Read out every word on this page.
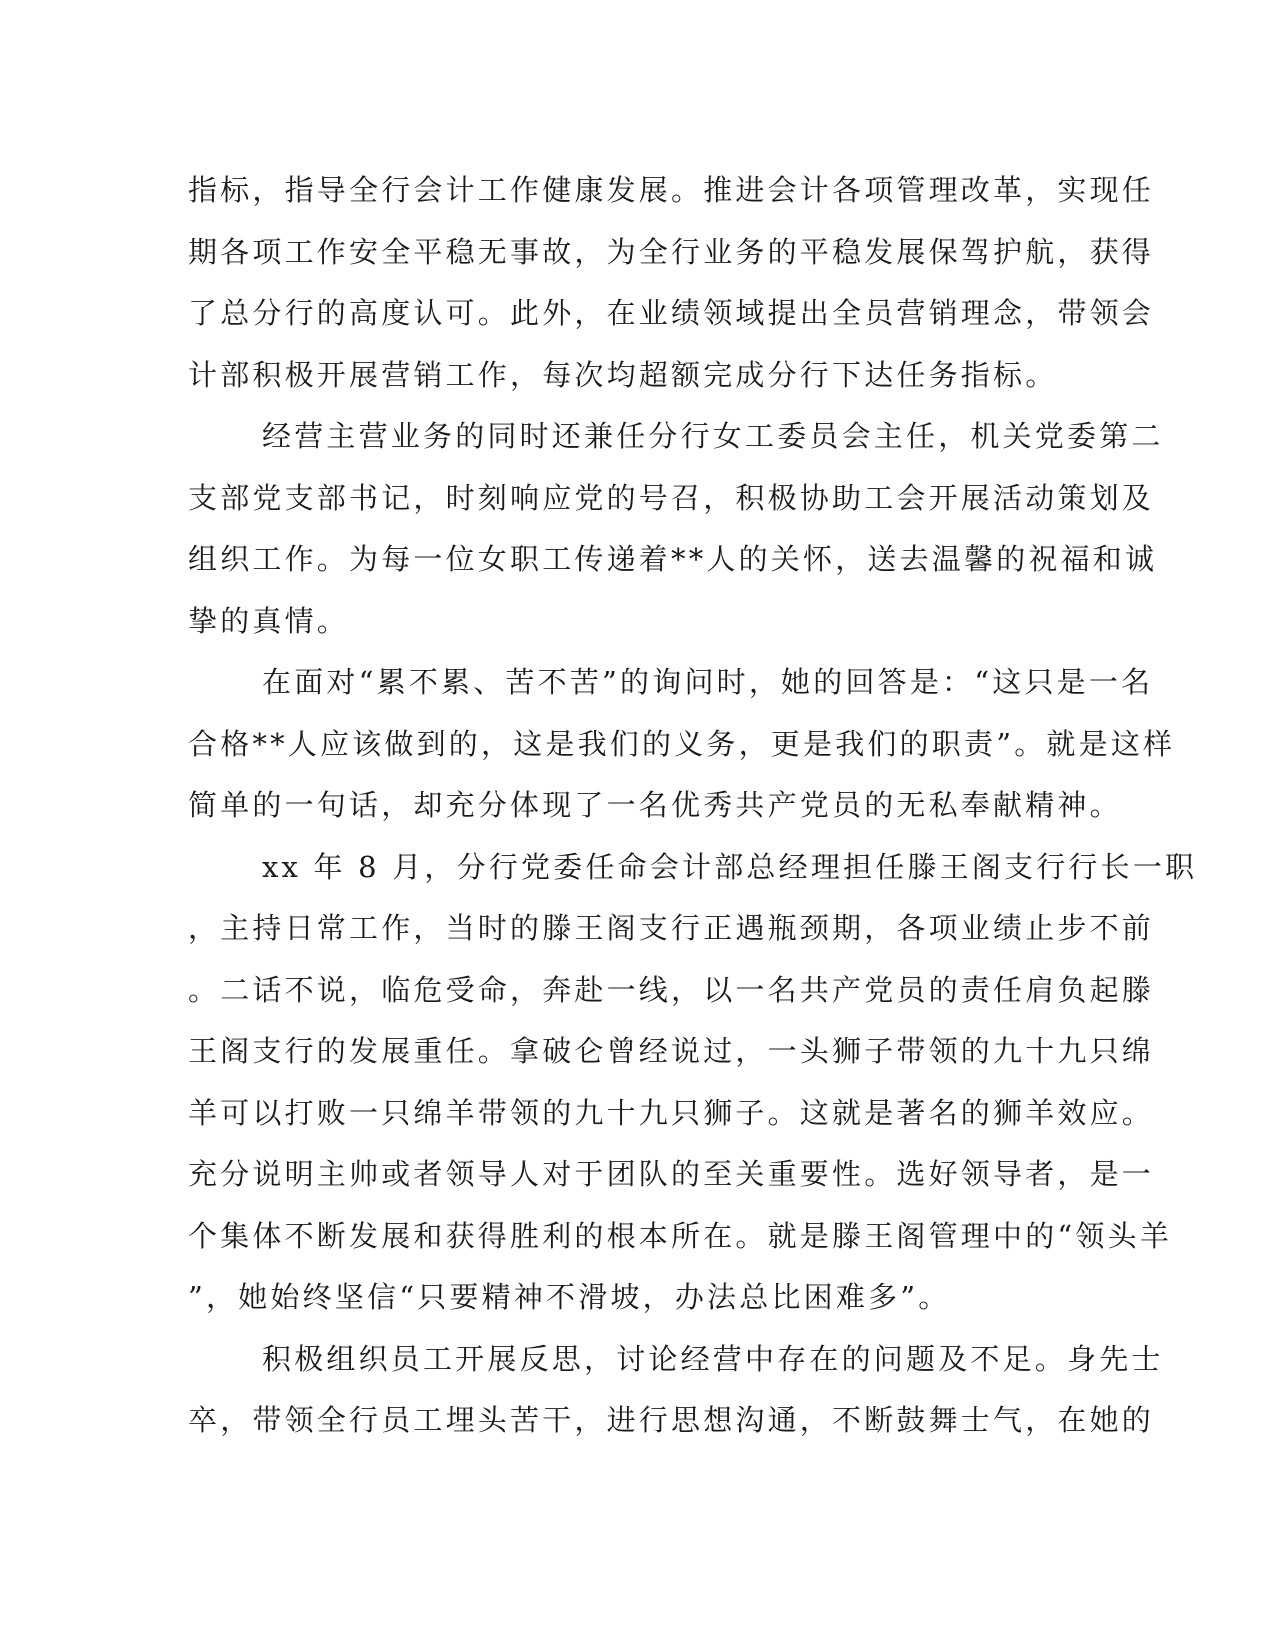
指标，指导全行会计工作健康发展。推进会计各项管理改革，实现任
期各项工作安全平稳无事故，为全行业务的平稳发展保驾护航，获得
了总分行的高度认可。此外，在业绩领域提出全员营销理念，带领会
计部积极开展营销工作，每次均超额完成分行下达任务指标。
经营主营业务的同时还兼任分行女工委员会主任，机关党委第二
支部党支部书记，时刻响应党的号召，积极协助工会开展活动策划及
组织工作。为每一位女职工传递着**人的关怀，送去温馨的祝福和诚
挚的真情。
在面对“累不累、苦不苦”的询问时，她的回答是：“这只是一名
合格**人应该做到的，这是我们的义务，更是我们的职责”。就是这样
简单的一句话，却充分体现了一名优秀共产党员的无私奉献精神。
xx 年 8 月，分行党委任命会计部总经理担任滕王阁支行行长一职
，主持日常工作，当时的滕王阁支行正遇瓶颈期，各项业绩止步不前
。二话不说，临危受命，奔赴一线，以一名共产党员的责任肩负起滕
王阁支行的发展重任。拿破仑曾经说过，一头狮子带领的九十九只绵
羊可以打败一只绵羊带领的九十九只狮子。这就是著名的狮羊效应。
充分说明主帅或者领导人对于团队的至关重要性。选好领导者，是一
个集体不断发展和获得胜利的根本所在。就是滕王阁管理中的“领头羊
”，她始终坚信“只要精神不滑坡，办法总比困难多”。
积极组织员工开展反思，讨论经营中存在的问题及不足。身先士
卒，带领全行员工埋头苦干，进行思想沟通，不断鼓舞士气，在她的
